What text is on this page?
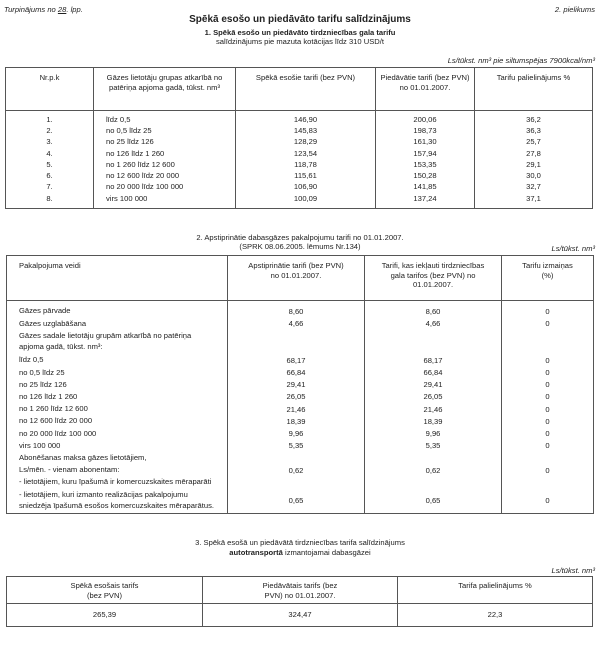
Turpinājums no 28. lpp.	2. pielikums
Spēkā esošo un piedāvāto tarifu salīdzinājums
1. Spēkā esošo un piedāvāto tirdzniecības gala tarifu
salīdzinājums pie mazuta kotācijas līdz 310 USD/t
Ls/tūkst. nm³ pie siltumspējas 7900kcal/nm³
Nr.p.k	Gāzes lietotāju grupas atkarībā no patēriņa apjoma gadā, tūkst. nm³	Spēkā esošie tarifi (bez PVN)	Piedāvātie tarifi (bez PVN) no 01.01.2007.	Tarifu palielinājums %
1.	līdz 0,5	146,90	200,06	36,2
2.	no 0,5 līdz 25	145,83	198,73	36,3
3.	no 25 līdz 126	128,29	161,30	25,7
4.	no 126 līdz 1 260	123,54	157,94	27,8
5.	no 1 260 līdz 12 600	118,78	153,35	29,1
6.	no 12 600 līdz 20 000	115,61	150,28	30,0
7.	no 20 000 līdz 100 000	106,90	141,85	32,7
8.	virs 100 000	100,09	137,24	37,1

2. Apstiprinātie dabasgāzes pakalpojumu tarifi no 01.01.2007.
(SPRK 08.06.2005. lēmums Nr.134)	Ls/tūkst. nm³
Pakalpojuma veidi	Apstiprinātie tarifi (bez PVN) no 01.01.2007.	Tarifi, kas iekļauti tirdzniecības gala tarifos (bez PVN) no 01.01.2007.	Tarifu izmaiņas (%)
Gāzes pārvade	8,60	8,60	0
Gāzes uzglabāšana	4,66	4,66	0
Gāzes sadale lietotāju grupām atkarībā no patēriņa apjoma gadā, tūkst. nm³:			
līdz 0,5	68,17	68,17	0
no 0,5 līdz 25	66,84	66,84	0
no 25 līdz 126	29,41	29,41	0
no 126 līdz 1 260	26,05	26,05	0
no 1 260 līdz 12 600	21,46	21,46	0
no 12 600 līdz 20 000	18,39	18,39	0
no 20 000 līdz 100 000	9,96	9,96	0
virs 100 000	5,35	5,35	0
Abonēšanas maksa gāzes lietotājiem,			
Ls/mēn. - vienam abonentam:	0,62	0,62	0
- lietotājiem, kuru īpašumā ir komercuzskaites mēraparāti			
- lietotājiem, kuri izmanto realizācijas pakalpojumu sniedzēja īpašumā esošos komercuzskaites mēraparātus.	0,65	0,65	0

3. Spēkā esošā un piedāvātā tirdzniecības tarifa salīdzinājums
autotransportā izmantojamai dabasgāzei
Ls/tūkst. nm³
Spēkā esošais tarifs (bez PVN)	Piedāvātais tarifs (bez PVN) no 01.01.2007.	Tarifa palielinājums %
265,39	324,47	22,3
